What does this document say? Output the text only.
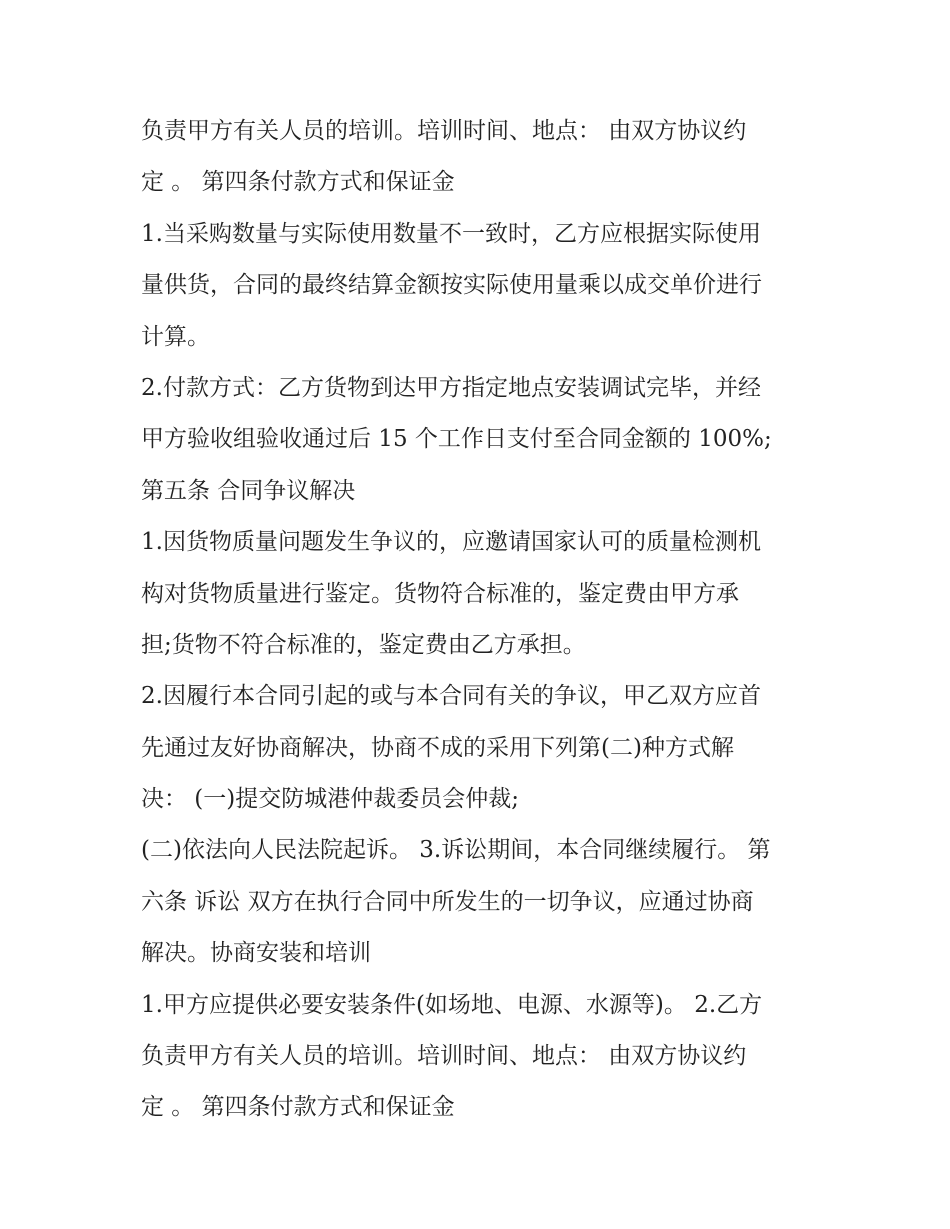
负责甲方有关人员的培训。培训时间、地点： 由双方协议约
定 。 第四条付款方式和保证金
1.当采购数量与实际使用数量不一致时，乙方应根据实际使用
量供货，合同的最终结算金额按实际使用量乘以成交单价进行
计算。
2.付款方式：乙方货物到达甲方指定地点安装调试完毕，并经
甲方验收组验收通过后 15 个工作日支付至合同金额的 100%;
第五条 合同争议解决
1.因货物质量问题发生争议的，应邀请国家认可的质量检测机
构对货物质量进行鉴定。货物符合标准的，鉴定费由甲方承
担;货物不符合标准的，鉴定费由乙方承担。
2.因履行本合同引起的或与本合同有关的争议，甲乙双方应首
先通过友好协商解决，协商不成的采用下列第(二)种方式解
决： (一)提交防城港仲裁委员会仲裁;
(二)依法向人民法院起诉。 3.诉讼期间，本合同继续履行。 第
六条 诉讼 双方在执行合同中所发生的一切争议，应通过协商
解决。协商安装和培训
1.甲方应提供必要安装条件(如场地、电源、水源等)。 2.乙方
负责甲方有关人员的培训。培训时间、地点： 由双方协议约
定 。 第四条付款方式和保证金
